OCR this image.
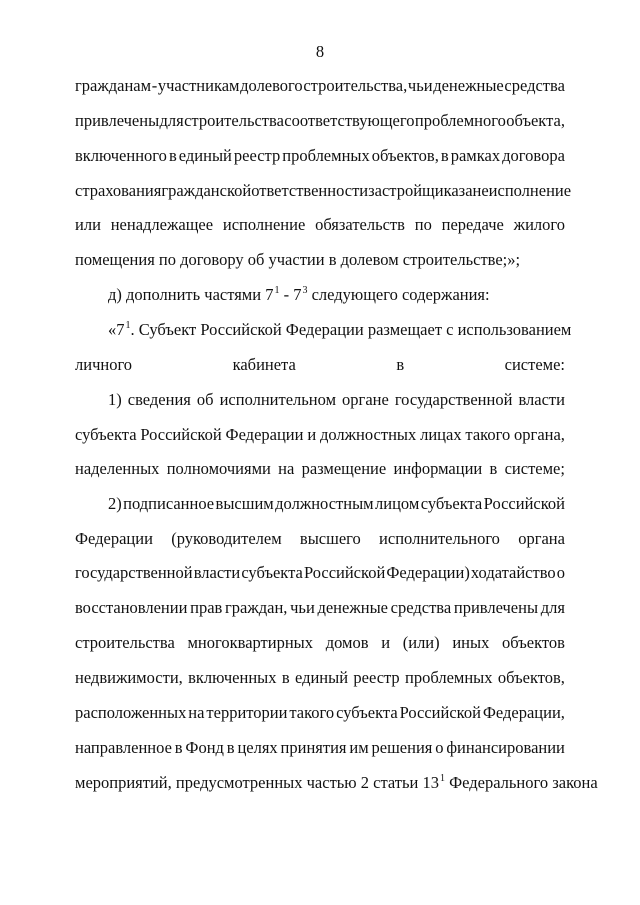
8
гражданам - участникам долевого строительства, чьи денежные средства
привлечены для строительства соответствующего проблемного объекта,
включенного в единый реестр проблемных объектов, в рамках договора
страхования гражданской ответственности застройщика за неисполнение
или ненадлежащее исполнение обязательств по передаче жилого
помещения по договору об участии в долевом строительстве;»;
д) дополнить частями $7^1 - 7^3$ следующего содержания:
«$7^1$. Субъект Российской Федерации размещает с использованием
личного	кабинета	в	системе:
1) сведения об исполнительном органе государственной власти
субъекта Российской Федерации и должностных лицах такого органа,
наделенных полномочиями на размещение информации в системе;
2) подписанное высшим должностным лицом субъекта Российской
Федерации (руководителем высшего исполнительного органа
государственной власти субъекта Российской Федерации) ходатайство о
восстановлении прав граждан, чьи денежные средства привлечены для
строительства многоквартирных домов и (или) иных объектов
недвижимости, включенных в единый реестр проблемных объектов,
расположенных на территории такого субъекта Российской Федерации,
направленное в Фонд в целях принятия им решения о финансировании
мероприятий, предусмотренных частью 2 статьи $13^1$ Федерального закона
